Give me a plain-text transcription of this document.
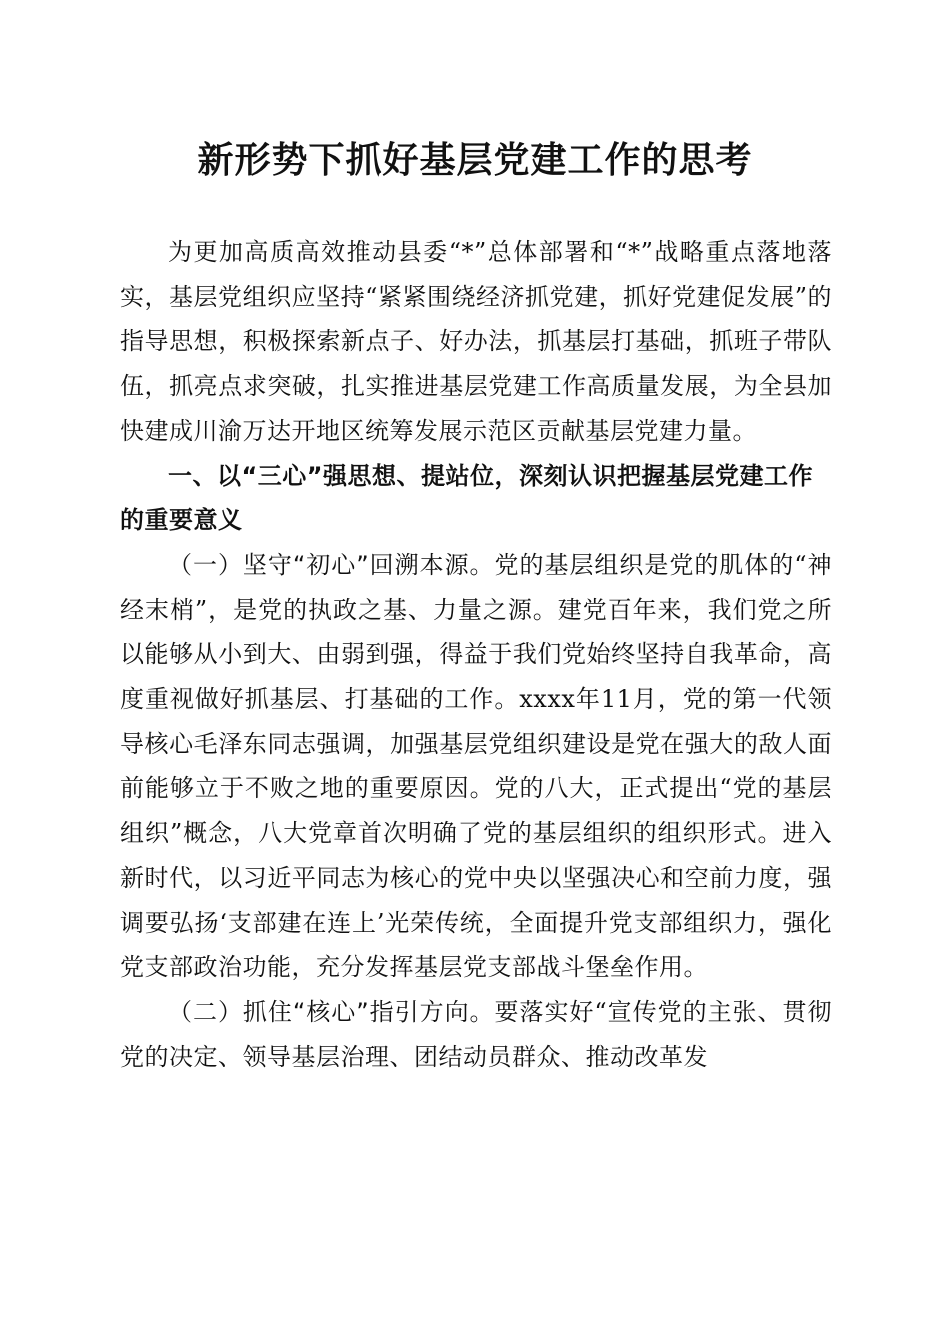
新形势下抓好基层党建工作的思考

为更加高质高效推动县委“*”总体部署和“*”战略重点落地落实，基层党组织应坚持“紧紧围绕经济抓党建，抓好党建促发展”的指导思想，积极探索新点子、好办法，抓基层打基础，抓班子带队伍，抓亮点求突破，扎实推进基层党建工作高质量发展，为全县加快建成川渝万达开地区统筹发展示范区贡献基层党建力量。

一、以“三心”强思想、提站位，深刻认识把握基层党建工作的重要意义

（一）坚守“初心”回溯本源。党的基层组织是党的肌体的“神经末梢”，是党的执政之基、力量之源。建党百年来，我们党之所以能够从小到大、由弱到强，得益于我们党始终坚持自我革命，高度重视做好抓基层、打基础的工作。xxxx年11月，党的第一代领导核心毛泽东同志强调，加强基层党组织建设是党在强大的敌人面前能够立于不败之地的重要原因。党的八大，正式提出“党的基层组织”概念，八大党章首次明确了党的基层组织的组织形式。进入新时代，以习近平同志为核心的党中央以坚强决心和空前力度，强调要弘扬‘支部建在连上’光荣传统，全面提升党支部组织力，强化党支部政治功能，充分发挥基层党支部战斗堡垒作用。

（二）抓住“核心”指引方向。要落实好“宣传党的主张、贯彻党的决定、领导基层治理、团结动员群众、推动改革发
